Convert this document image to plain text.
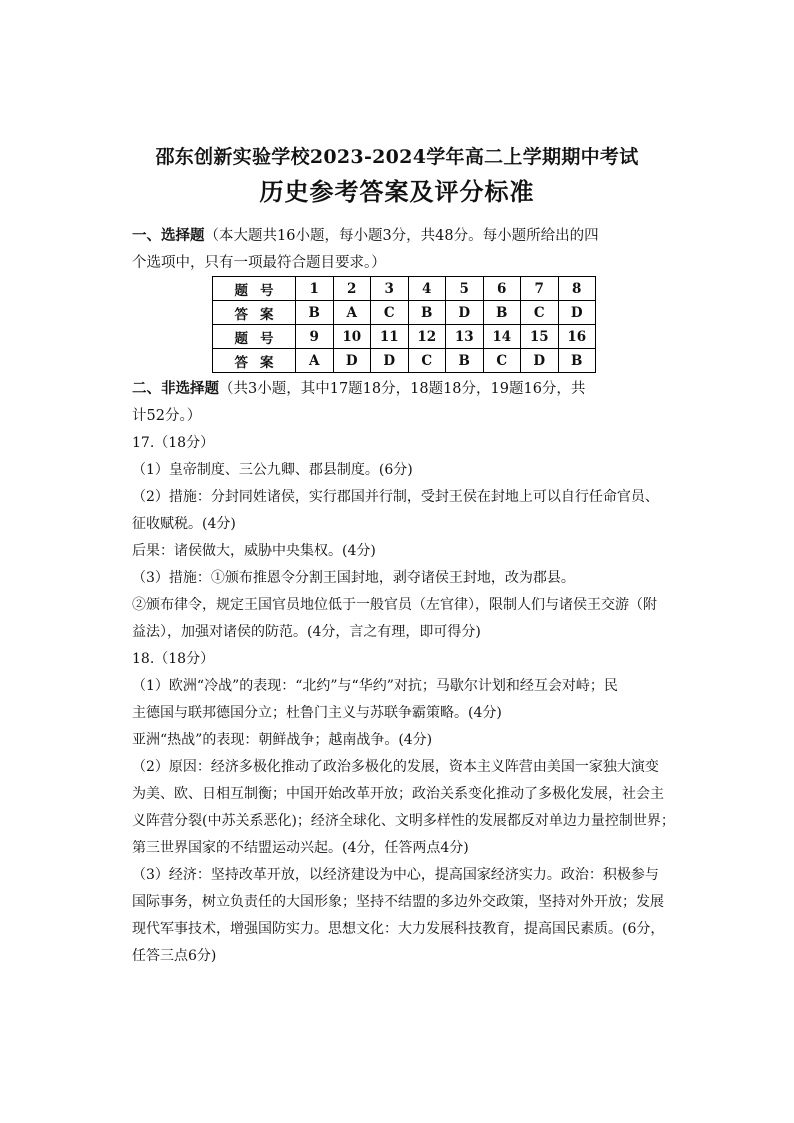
邵东创新实验学校2023-2024学年高二上学期期中考试
历史参考答案及评分标准
一、选择题（本大题共16小题，每小题3分，共48分。每小题所给出的四
个选项中，只有一项最符合题目要求。）
题号	1	2	3	4	5	6	7	8
答案	B	A	C	B	D	B	C	D
题号	9	10	11	12	13	14	15	16
答案	A	D	D	C	B	C	D	B
二、非选择题（共3小题，其中17题18分，18题18分，19题16分，共
计52分。）
17.（18分）
（1）皇帝制度、三公九卿、郡县制度。(6分)
（2）措施：分封同姓诸侯，实行郡国并行制，受封王侯在封地上可以自行任命官员、
征收赋税。(4分)
后果：诸侯做大，威胁中央集权。(4分)
（3）措施：①颁布推恩令分割王国封地，剥夺诸侯王封地，改为郡县。
②颁布律令，规定王国官员地位低于一般官员（左官律），限制人们与诸侯王交游（附
益法），加强对诸侯的防范。(4分，言之有理，即可得分)
18.（18分）
（1）欧洲“冷战”的表现：“北约”与“华约”对抗；马歇尔计划和经互会对峙；民
主德国与联邦德国分立；杜鲁门主义与苏联争霸策略。(4分)
亚洲“热战”的表现：朝鲜战争；越南战争。(4分)
（2）原因：经济多极化推动了政治多极化的发展，资本主义阵营由美国一家独大演变
为美、欧、日相互制衡；中国开始改革开放；政治关系变化推动了多极化发展，社会主
义阵营分裂(中苏关系恶化)；经济全球化、文明多样性的发展都反对单边力量控制世界；
第三世界国家的不结盟运动兴起。(4分，任答两点4分)
（3）经济：坚持改革开放，以经济建设为中心，提高国家经济实力。政治：积极参与
国际事务，树立负责任的大国形象；坚持不结盟的多边外交政策，坚持对外开放；发展
现代军事技术，增强国防实力。思想文化：大力发展科技教育，提高国民素质。(6分，
任答三点6分)
